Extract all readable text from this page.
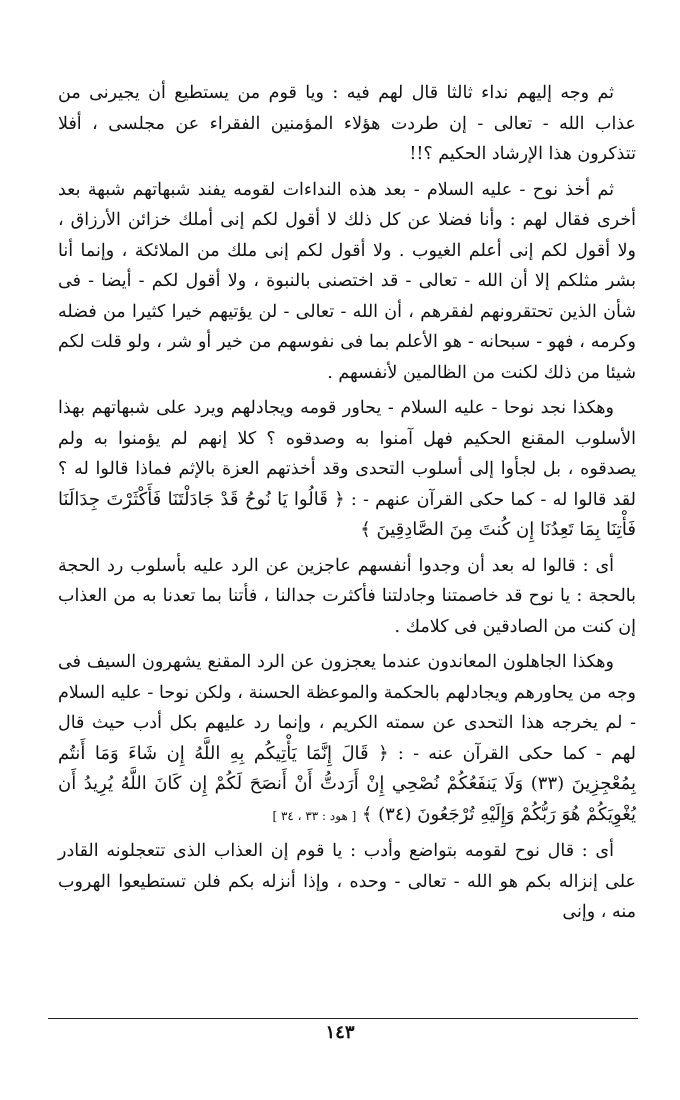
ثم وجه إليهم نداء ثالثا قال لهم فيه : ويا قوم من يستطيع أن يجيرنى من عذاب الله - تعالى - إن طردت هؤلاء المؤمنين الفقراء عن مجلسى ، أفلا تتذكرون هذا الإرشاد الحكيم ؟!!

ثم أخذ نوح - عليه السلام - بعد هذه النداءات لقومه يفند شبهاتهم شبهة بعد أخرى فقال لهم : وأنا فضلا عن كل ذلك لا أقول لكم إنى أملك خزائن الأرزاق ، ولا أقول لكم إنى أعلم الغيوب . ولا أقول لكم إنى ملك من الملائكة ، وإنما أنا بشر مثلكم إلا أن الله - تعالى - قد اختصنى بالنبوة ، ولا أقول لكم - أيضا - فى شأن الذين تحتقرونهم لفقرهم ، أن الله - تعالى - لن يؤتيهم خيرا كثيرا من فضله وكرمه ، فهو - سبحانه - هو الأعلم بما فى نفوسهم من خير أو شر ، ولو قلت لكم شيئا من ذلك لكنت من الظالمين لأنفسهم .

وهكذا نجد نوحا - عليه السلام - يحاور قومه ويجادلهم ويرد على شبهاتهم بهذا الأسلوب المقنع الحكيم فهل آمنوا به وصدقوه ؟ كلا إنهم لم يؤمنوا به ولم يصدقوه ، بل لجأوا إلى أسلوب التحدى وقد أخذتهم العزة بالإثم فماذا قالوا له ؟ لقد قالوا له - كما حكى القرآن عنهم - : ﴿ قَالُوا يَا نُوحُ قَدْ جَادَلْتَنَا فَأَكْثَرْتَ جِدَالَنَا فَأْتِنَا بِمَا تَعِدُنَا إِن كُنتَ مِنَ الصَّادِقِينَ ﴾

أى : قالوا له بعد أن وجدوا أنفسهم عاجزين عن الرد عليه بأسلوب رد الحجة بالحجة : يا نوح قد خاصمتنا وجادلتنا فأكثرت جدالنا ، فأتنا بما تعدنا به من العذاب إن كنت من الصادقين فى كلامك .

وهكذا الجاهلون المعاندون عندما يعجزون عن الرد المقنع يشهرون السيف فى وجه من يحاورهم ويجادلهم بالحكمة والموعظة الحسنة ، ولكن نوحا - عليه السلام - لم يخرجه هذا التحدى عن سمته الكريم ، وإنما رد عليهم بكل أدب حيث قال لهم - كما حكى القرآن عنه - : ﴿ قَالَ إِنَّمَا يَأْتِيكُم بِهِ اللَّهُ إِن شَاءَ وَمَا أَنتُم بِمُعْجِزِينَ (٣٣) وَلَا يَنفَعُكُمْ نُصْحِي إِنْ أَرَدتُّ أَنْ أَنصَحَ لَكُمْ إِن كَانَ اللَّهُ يُرِيدُ أَن يُغْوِيَكُمْ هُوَ رَبُّكُمْ وَإِلَيْهِ تُرْجَعُونَ (٣٤) ﴾ [ هود : ٣٣ ، ٣٤ ]

أى : قال نوح لقومه بتواضع وأدب : يا قوم إن العذاب الذى تتعجلونه القادر على إنزاله بكم هو الله - تعالى - وحده ، وإذا أنزله بكم فلن تستطيعوا الهروب منه ، وإنى

١٤٣
